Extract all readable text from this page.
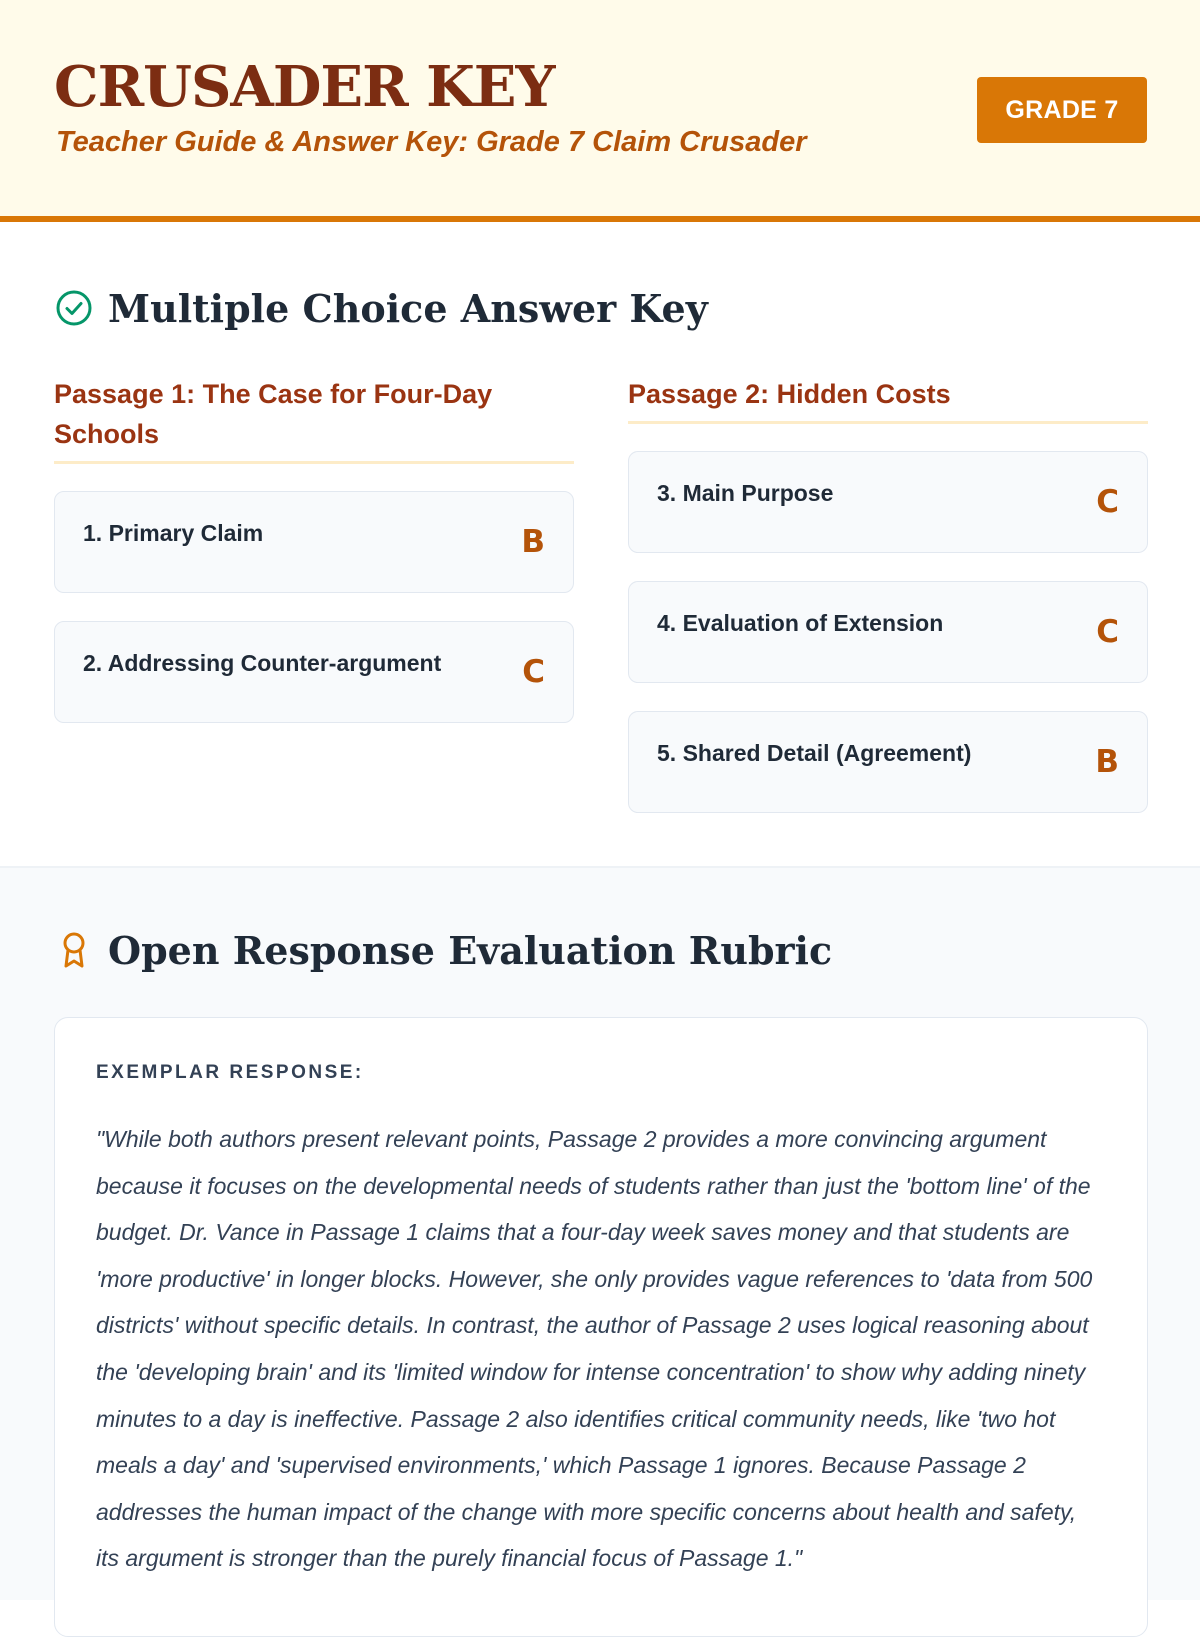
CRUSADER KEY
Teacher Guide & Answer Key: Grade 7 Claim Crusader
GRADE 7
Multiple Choice Answer Key
Passage 1: The Case for Four-Day Schools
Passage 2: Hidden Costs
1. Primary Claim	B
2. Addressing Counter-argument	C
3. Main Purpose	C
4. Evaluation of Extension	C
5. Shared Detail (Agreement)	B
Open Response Evaluation Rubric
EXEMPLAR RESPONSE:

"While both authors present relevant points, Passage 2 provides a more convincing argument because it focuses on the developmental needs of students rather than just the 'bottom line' of the budget. Dr. Vance in Passage 1 claims that a four-day week saves money and that students are 'more productive' in longer blocks. However, she only provides vague references to 'data from 500 districts' without specific details. In contrast, the author of Passage 2 uses logical reasoning about the 'developing brain' and its 'limited window for intense concentration' to show why adding ninety minutes to a day is ineffective. Passage 2 also identifies critical community needs, like 'two hot meals a day' and 'supervised environments,' which Passage 1 ignores. Because Passage 2 addresses the human impact of the change with more specific concerns about health and safety, its argument is stronger than the purely financial focus of Passage 1."
